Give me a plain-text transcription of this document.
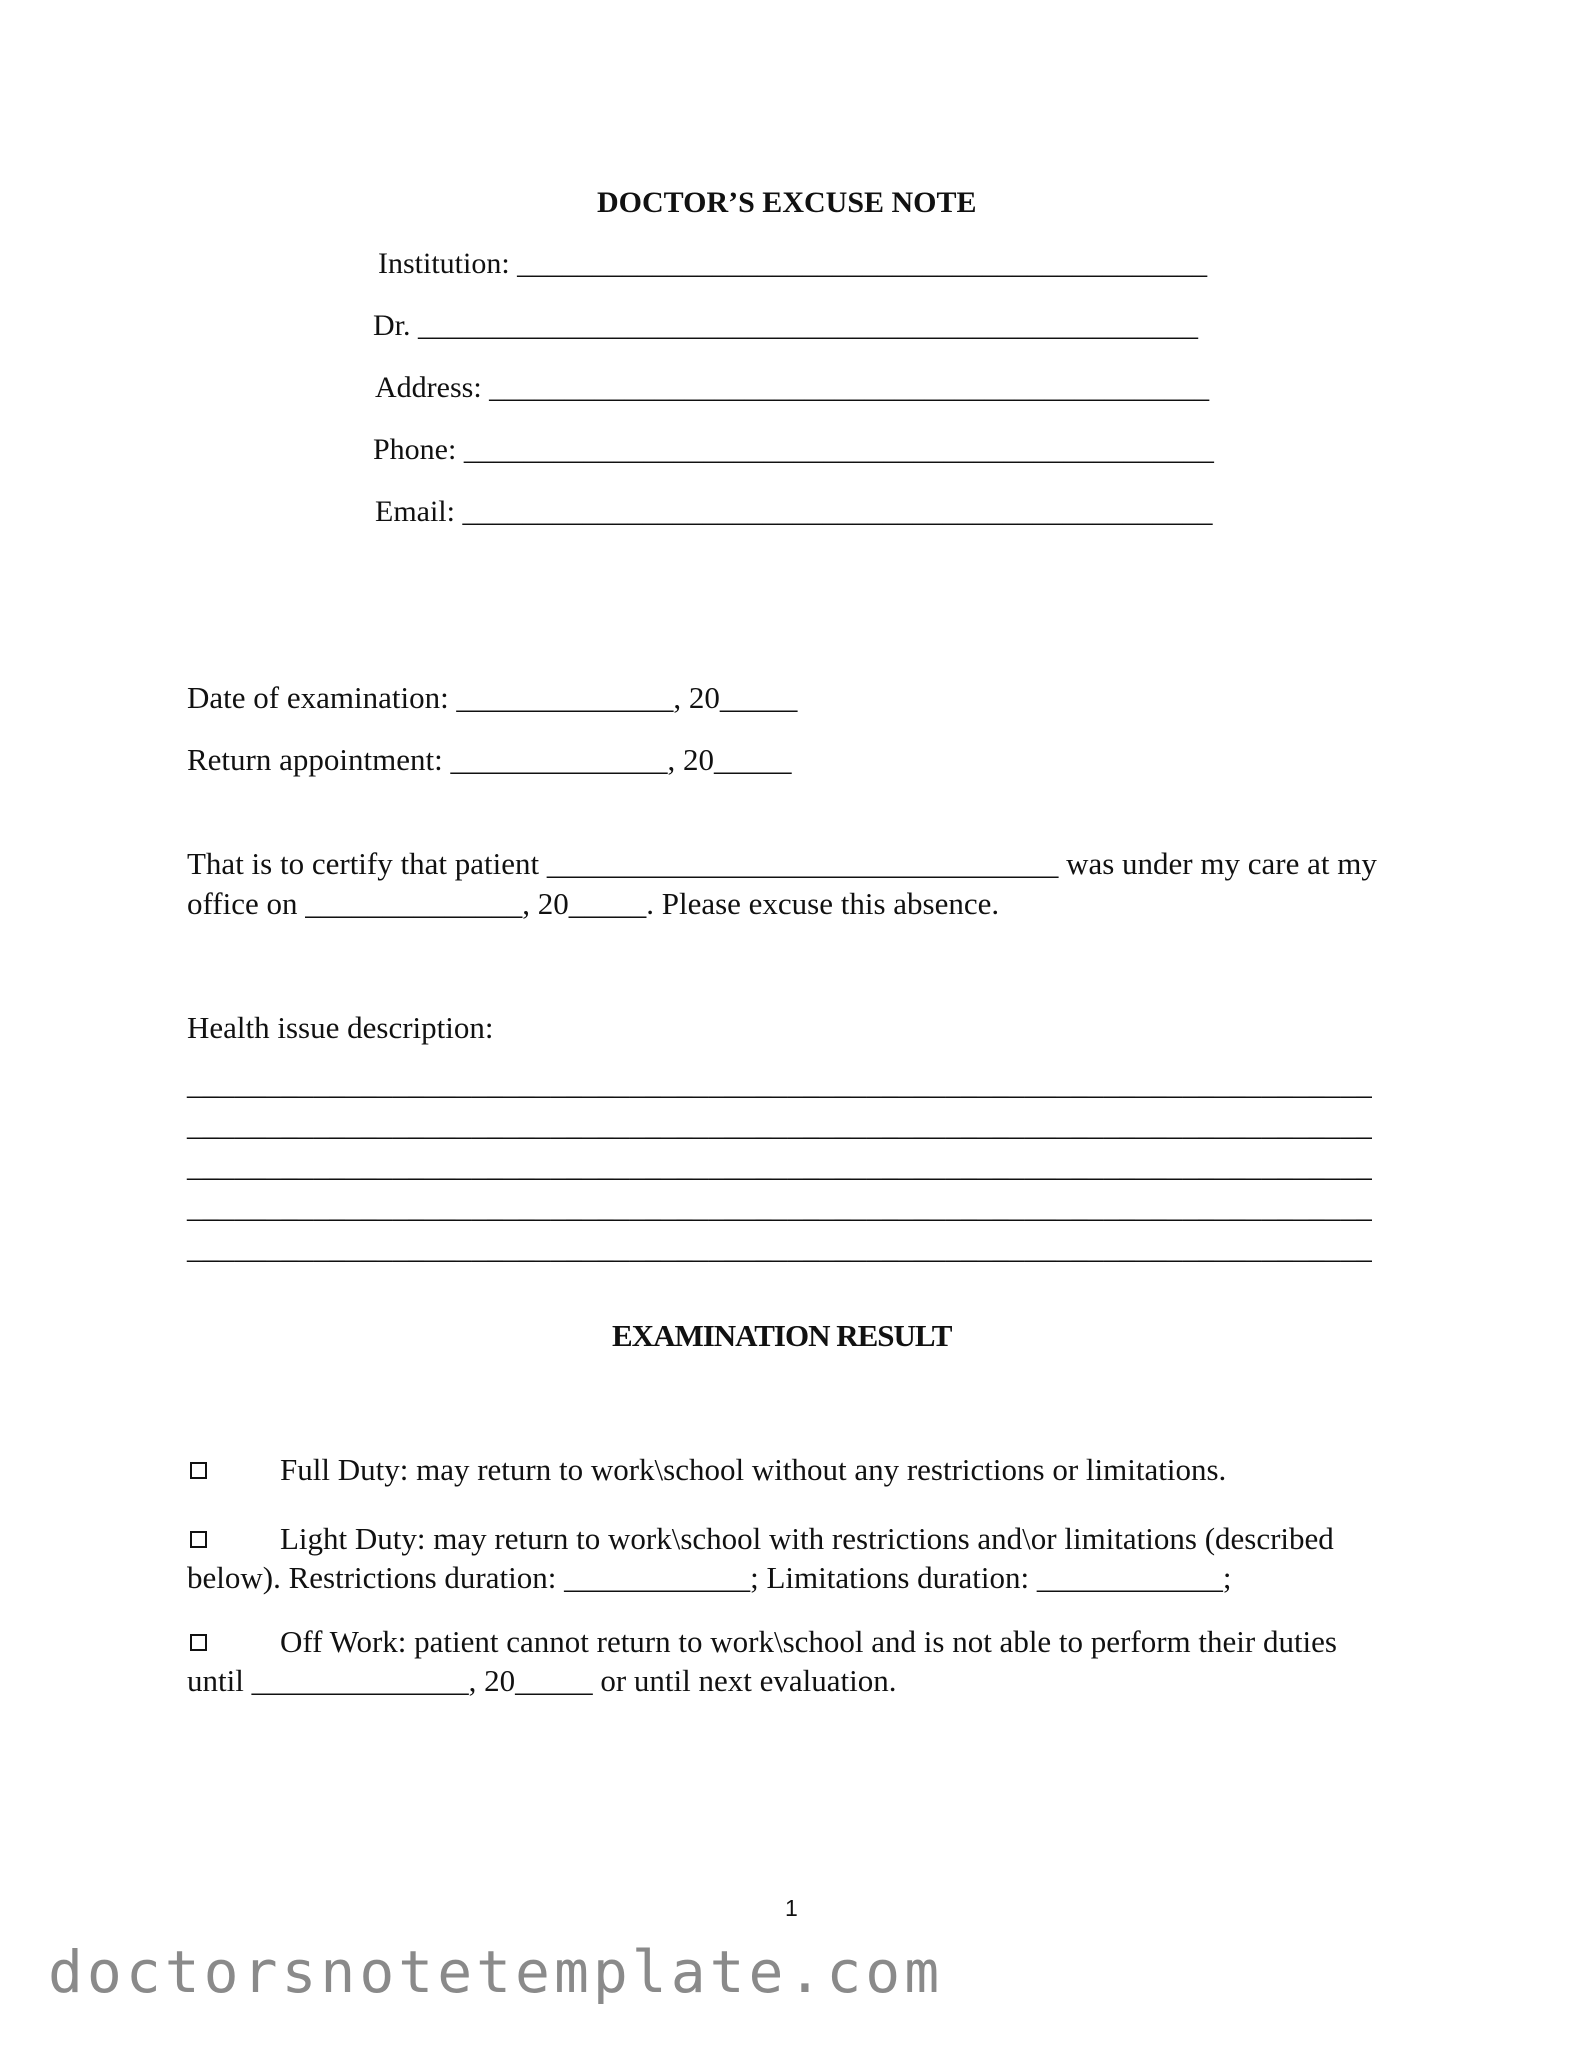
DOCTOR’S EXCUSE NOTE
Institution: ______________________________________________
Dr. ____________________________________________________
Address: ________________________________________________
Phone: __________________________________________________
Email: __________________________________________________
Date of examination: ______________, 20_____
Return appointment: ______________, 20_____
That is to certify that patient _________________________________ was under my care at my
office on ______________, 20_____. Please excuse this absence.
Health issue description:
___________________________________________________________________________
___________________________________________________________________________
___________________________________________________________________________
___________________________________________________________________________
___________________________________________________________________________
EXAMINATION RESULT
Full Duty: may return to work\school without any restrictions or limitations.
Light Duty: may return to work\school with restrictions and\or limitations (described
below). Restrictions duration: ____________; Limitations duration: ____________;
Off Work: patient cannot return to work\school and is not able to perform their duties
until ______________, 20_____ or until next evaluation.
1
doctorsnotetemplate.com
